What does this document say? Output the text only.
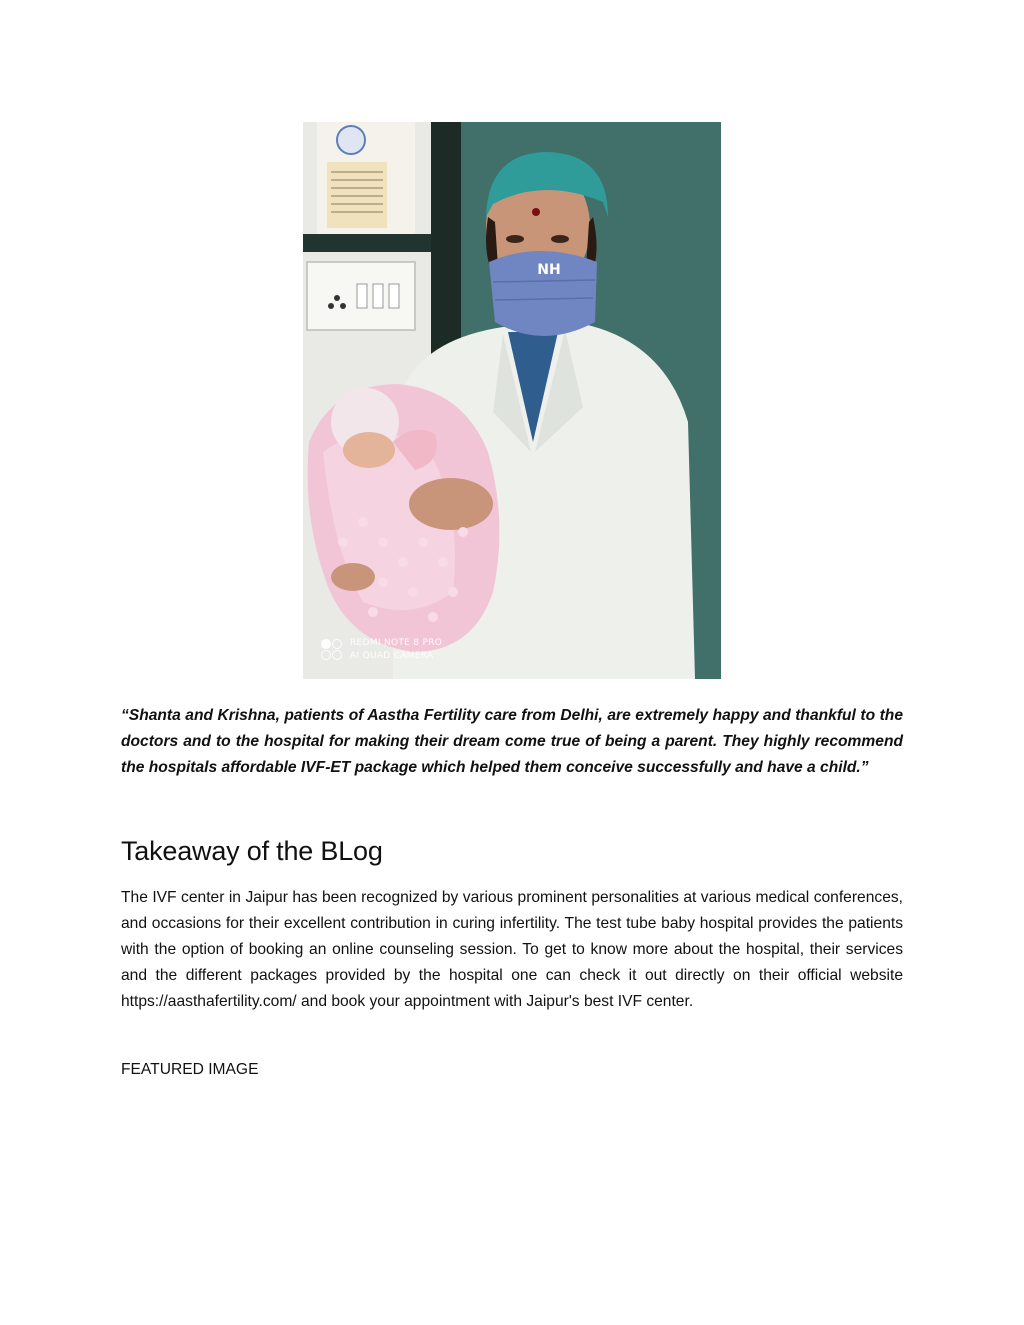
NH
REDMI NOTE 8 PRO
AI QUAD CAMERA

“Shanta and Krishna, patients of Aastha Fertility care from Delhi, are extremely happy and thankful to the doctors and to the hospital for making their dream come true of being a parent. They highly recommend the hospitals affordable IVF-ET package which helped them conceive successfully and have a child.”

Takeaway of the BLog

The IVF center in Jaipur has been recognized by various prominent personalities at various medical conferences, and occasions for their excellent contribution in curing infertility. The test tube baby hospital provides the patients with the option of booking an online counseling session. To get to know more about the hospital, their services and the different packages provided by the hospital one can check it out directly on their official website https://aasthafertility.com/ and book your appointment with Jaipur's best IVF center.

FEATURED IMAGE
